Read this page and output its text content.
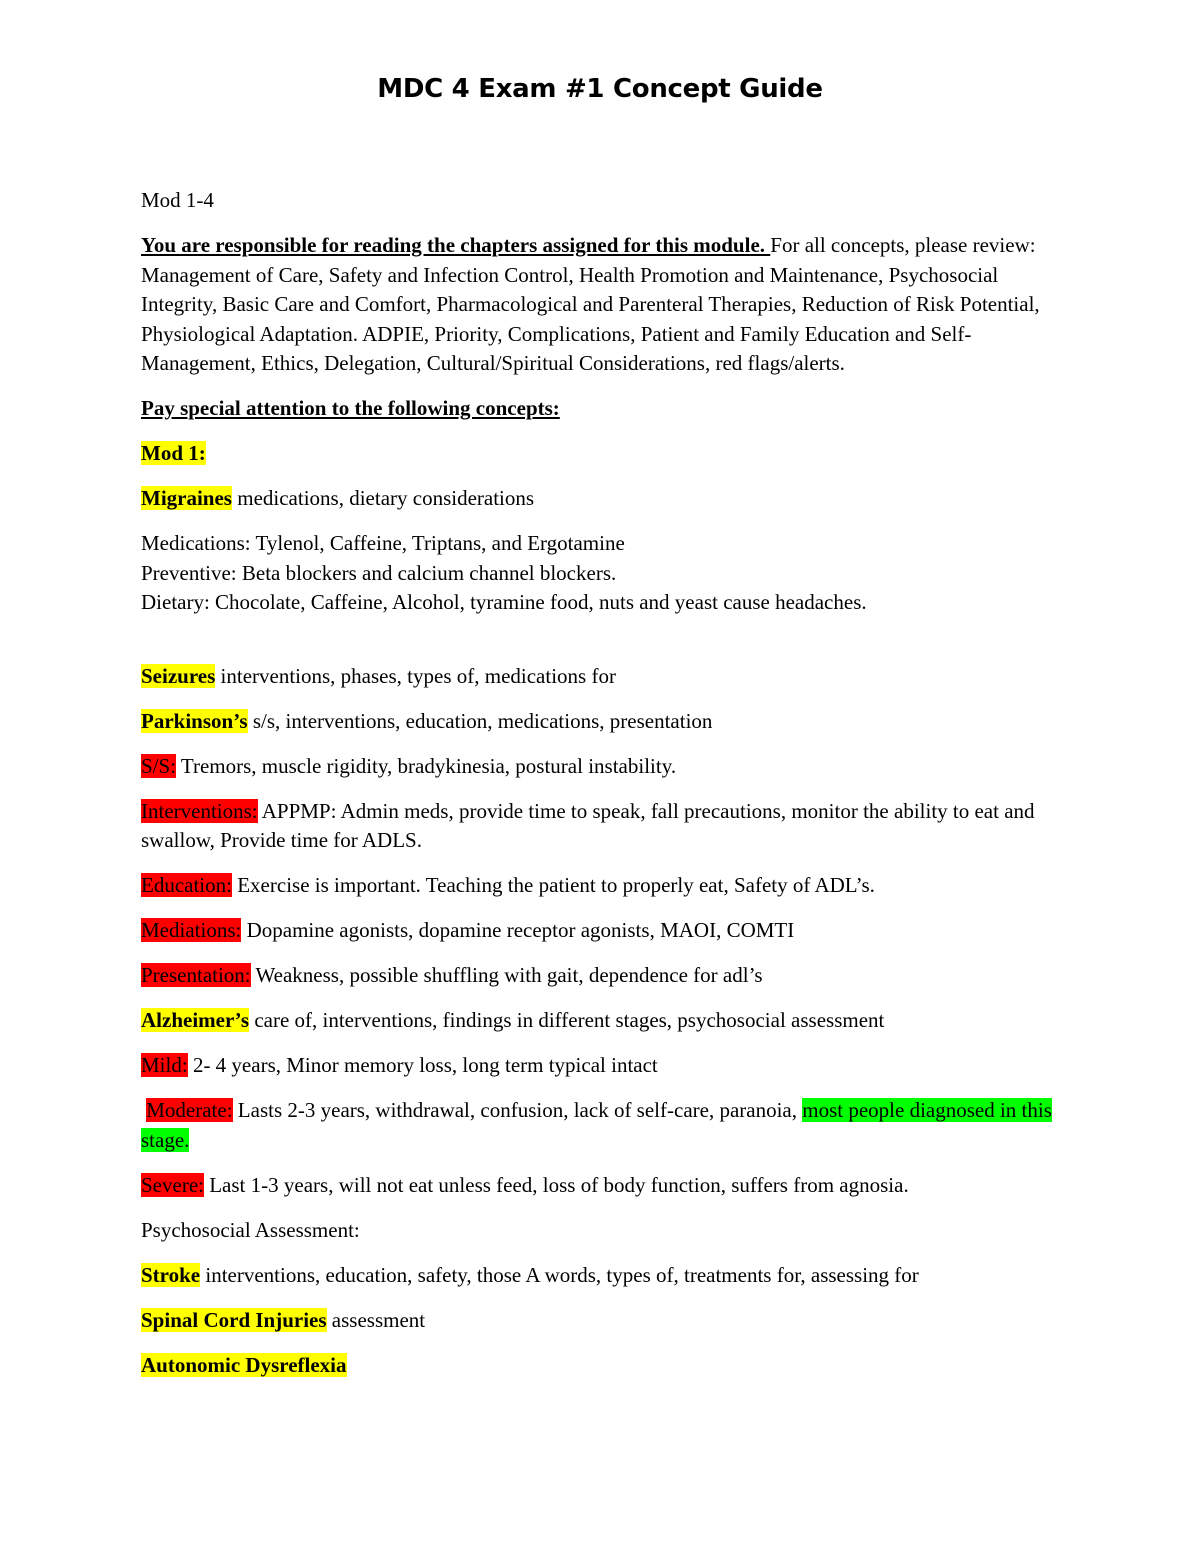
MDC 4 Exam #1 Concept Guide

Mod 1-4

You are responsible for reading the chapters assigned for this module. For all concepts, please review: Management of Care, Safety and Infection Control, Health Promotion and Maintenance, Psychosocial Integrity, Basic Care and Comfort, Pharmacological and Parenteral Therapies, Reduction of Risk Potential, Physiological Adaptation. ADPIE, Priority, Complications, Patient and Family Education and Self-Management, Ethics, Delegation, Cultural/Spiritual Considerations, red flags/alerts.

Pay special attention to the following concepts:

Mod 1:

Migraines medications, dietary considerations

Medications: Tylenol, Caffeine, Triptans, and Ergotamine

Preventive: Beta blockers and calcium channel blockers.

Dietary: Chocolate, Caffeine, Alcohol, tyramine food, nuts and yeast cause headaches.

Seizures interventions, phases, types of, medications for

Parkinson’s s/s, interventions, education, medications, presentation

S/S: Tremors, muscle rigidity, bradykinesia, postural instability.

Interventions: APPMP: Admin meds, provide time to speak, fall precautions, monitor the ability to eat and swallow, Provide time for ADLS.

Education: Exercise is important. Teaching the patient to properly eat, Safety of ADL’s.

Mediations: Dopamine agonists, dopamine receptor agonists, MAOI, COMTI

Presentation: Weakness, possible shuffling with gait, dependence for adl’s

Alzheimer’s care of, interventions, findings in different stages, psychosocial assessment

Mild: 2- 4 years, Minor memory loss, long term typical intact

Moderate: Lasts 2-3 years, withdrawal, confusion, lack of self-care, paranoia, most people diagnosed in this stage.

Severe: Last 1-3 years, will not eat unless feed, loss of body function, suffers from agnosia.

Psychosocial Assessment:

Stroke interventions, education, safety, those A words, types of, treatments for, assessing for

Spinal Cord Injuries assessment

Autonomic Dysreflexia
